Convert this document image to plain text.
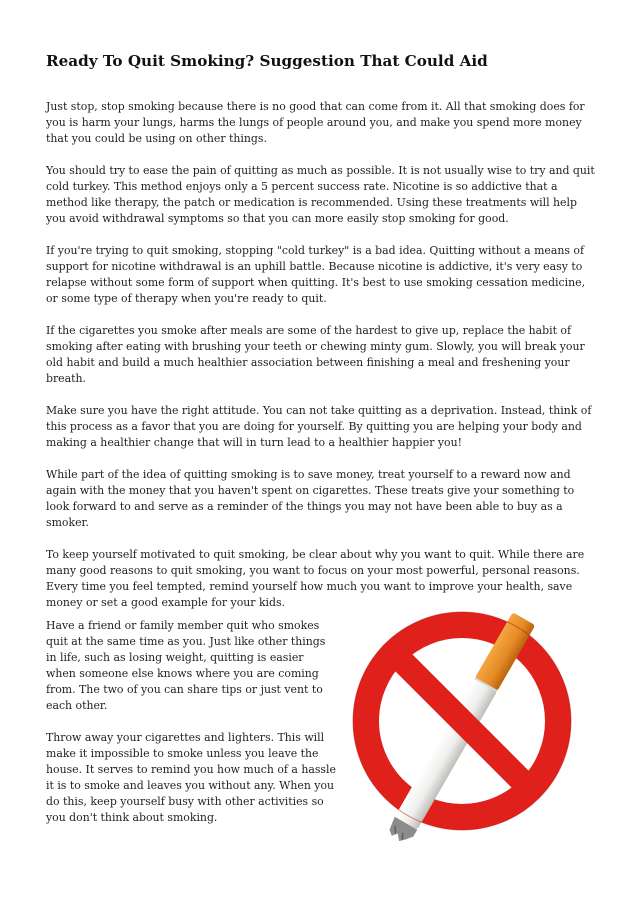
Ready To Quit Smoking? Suggestion That Could Aid

Just stop, stop smoking because there is no good that can come from it. All that smoking does for you is harm your lungs, harms the lungs of people around you, and make you spend more money that you could be using on other things.

You should try to ease the pain of quitting as much as possible. It is not usually wise to try and quit cold turkey. This method enjoys only a 5 percent success rate. Nicotine is so addictive that a method like therapy, the patch or medication is recommended. Using these treatments will help you avoid withdrawal symptoms so that you can more easily stop smoking for good.

If you're trying to quit smoking, stopping "cold turkey" is a bad idea. Quitting without a means of support for nicotine withdrawal is an uphill battle. Because nicotine is addictive, it's very easy to relapse without some form of support when quitting. It's best to use smoking cessation medicine, or some type of therapy when you're ready to quit.

If the cigarettes you smoke after meals are some of the hardest to give up, replace the habit of smoking after eating with brushing your teeth or chewing minty gum. Slowly, you will break your old habit and build a much healthier association between finishing a meal and freshening your breath.

Make sure you have the right attitude. You can not take quitting as a deprivation. Instead, think of this process as a favor that you are doing for yourself. By quitting you are helping your body and making a healthier change that will in turn lead to a healthier happier you!

While part of the idea of quitting smoking is to save money, treat yourself to a reward now and again with the money that you haven't spent on cigarettes. These treats give your something to look forward to and serve as a reminder of the things you may not have been able to buy as a smoker.

To keep yourself motivated to quit smoking, be clear about why you want to quit. While there are many good reasons to quit smoking, you want to focus on your most powerful, personal reasons. Every time you feel tempted, remind yourself how much you want to improve your health, save money or set a good example for your kids.

Have a friend or family member quit who smokes quit at the same time as you. Just like other things in life, such as losing weight, quitting is easier when someone else knows where you are coming from. The two of you can share tips or just vent to each other.

Throw away your cigarettes and lighters. This will make it impossible to smoke unless you leave the house. It serves to remind you how much of a hassle it is to smoke and leaves you without any. When you do this, keep yourself busy with other activities so you don't think about smoking.
